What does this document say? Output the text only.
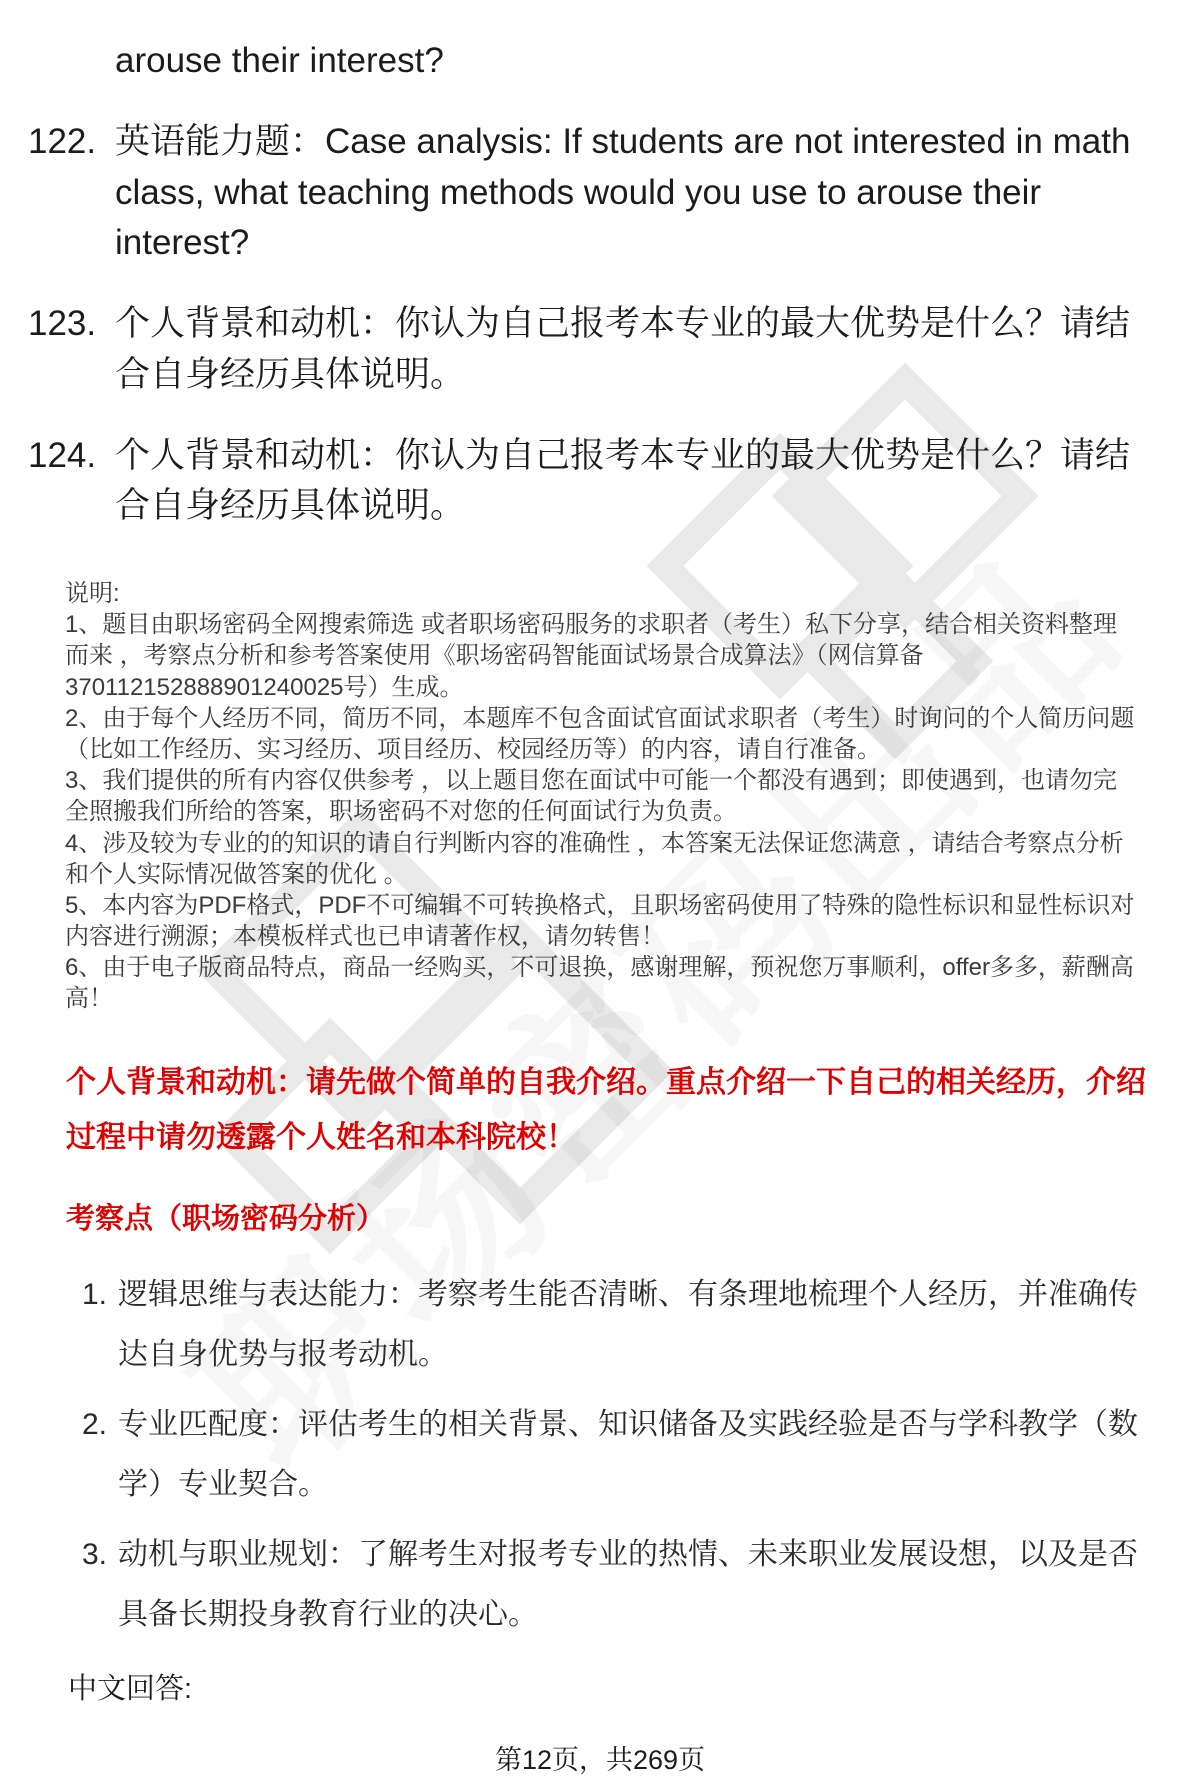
arouse their interest?
122. 英语能力题：Case analysis: If students are not interested in math class, what teaching methods would you use to arouse their interest?
123. 个人背景和动机：你认为自己报考本专业的最大优势是什么？请结合自身经历具体说明。
124. 个人背景和动机：你认为自己报考本专业的最大优势是什么？请结合自身经历具体说明。

说明:

1、题目由职场密码全网搜索筛选 或者职场密码服务的求职者（考生）私下分享，结合相关资料整理而来 ，考察点分析和参考答案使用《职场密码智能面试场景合成算法》（网信算备370112152888901240025号）生成。

2、由于每个人经历不同，简历不同，本题库不包含面试官面试求职者（考生）时询问的个人简历问题（比如工作经历、实习经历、项目经历、校园经历等）的内容，请自行准备。

3、我们提供的所有内容仅供参考 ，以上题目您在面试中可能一个都没有遇到；即使遇到，也请勿完全照搬我们所给的答案，职场密码不对您的任何面试行为负责。

4、涉及较为专业的的知识的请自行判断内容的准确性 ，本答案无法保证您满意 ，请结合考察点分析和个人实际情况做答案的优化 。

5、本内容为PDF格式，PDF不可编辑不可转换格式，且职场密码使用了特殊的隐性标识和显性标识对内容进行溯源；本模板样式也已申请著作权，请勿转售！

6、由于电子版商品特点，商品一经购买，不可退换，感谢理解，预祝您万事顺利，offer多多，薪酬高高！

个人背景和动机：请先做个简单的自我介绍。重点介绍一下自己的相关经历，介绍过程中请勿透露个人姓名和本科院校！

考察点（职场密码分析）
1. 逻辑思维与表达能力：考察考生能否清晰、有条理地梳理个人经历，并准确传达自身优势与报考动机。
2. 专业匹配度：评估考生的相关背景、知识储备及实践经验是否与学科教学（数学）专业契合。
3. 动机与职业规划：了解考生对报考专业的热情、未来职业发展设想，以及是否具备长期投身教育行业的决心。
中文回答:
第12页，共269页
